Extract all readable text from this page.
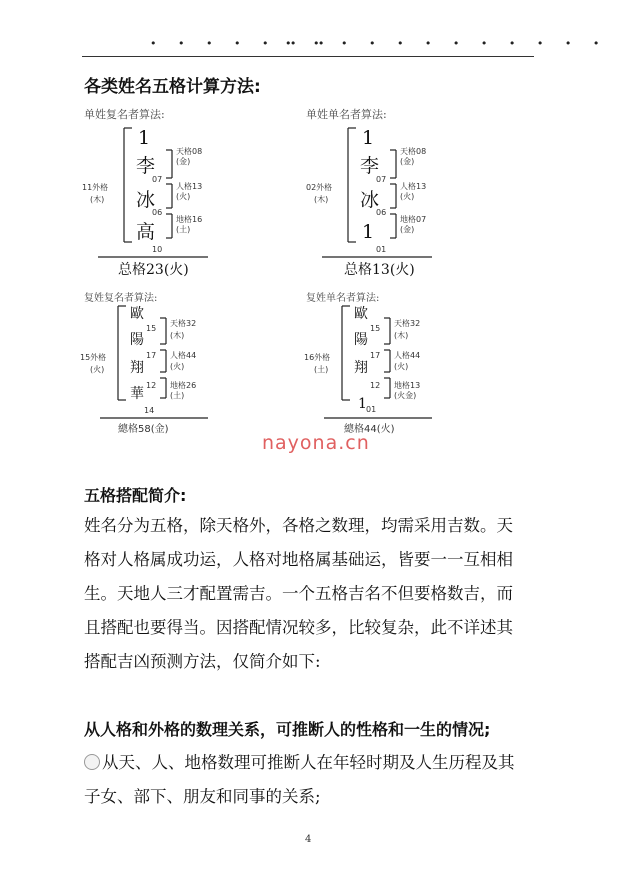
• • • • • • •
• • • • • • • • • • • •
各类姓名五格计算方法:
单姓复名者算法:
1
李
冰
高
07
06
10
11外格
(木)
天格08
(金)
人格13
(火)
地格16
(土)
总格23(火)
单姓单名者算法:
1
李
冰
1
07
06
01
02外格
(木)
天格08
(金)
人格13
(火)
地格07
(金)
总格13(火)
复姓复名者算法:
歐
陽
翔
華
15
17
12
14
15外格
(火)
天格32
(木)
人格44
(火)
地格26
(土)
總格58(金)
复姓单名者算法:
歐
陽
翔
1
15
17
12
01
16外格
(土)
天格32
(木)
人格44
(火)
地格13
(火金)
總格44(火)
nayona.cn
五格搭配简介:
姓名分为五格，除天格外，各格之数理，均需采用吉数。天
格对人格属成功运，人格对地格属基础运，皆要一一互相相
生。天地人三才配置需吉。一个五格吉名不但要格数吉，而
且搭配也要得当。因搭配情况较多，比较复杂，此不详述其
搭配吉凶预测方法，仅简介如下:
从人格和外格的数理关系，可推断人的性格和一生的情况;
从天、人、地格数理可推断人在年轻时期及人生历程及其
子女、部下、朋友和同事的关系;
4
